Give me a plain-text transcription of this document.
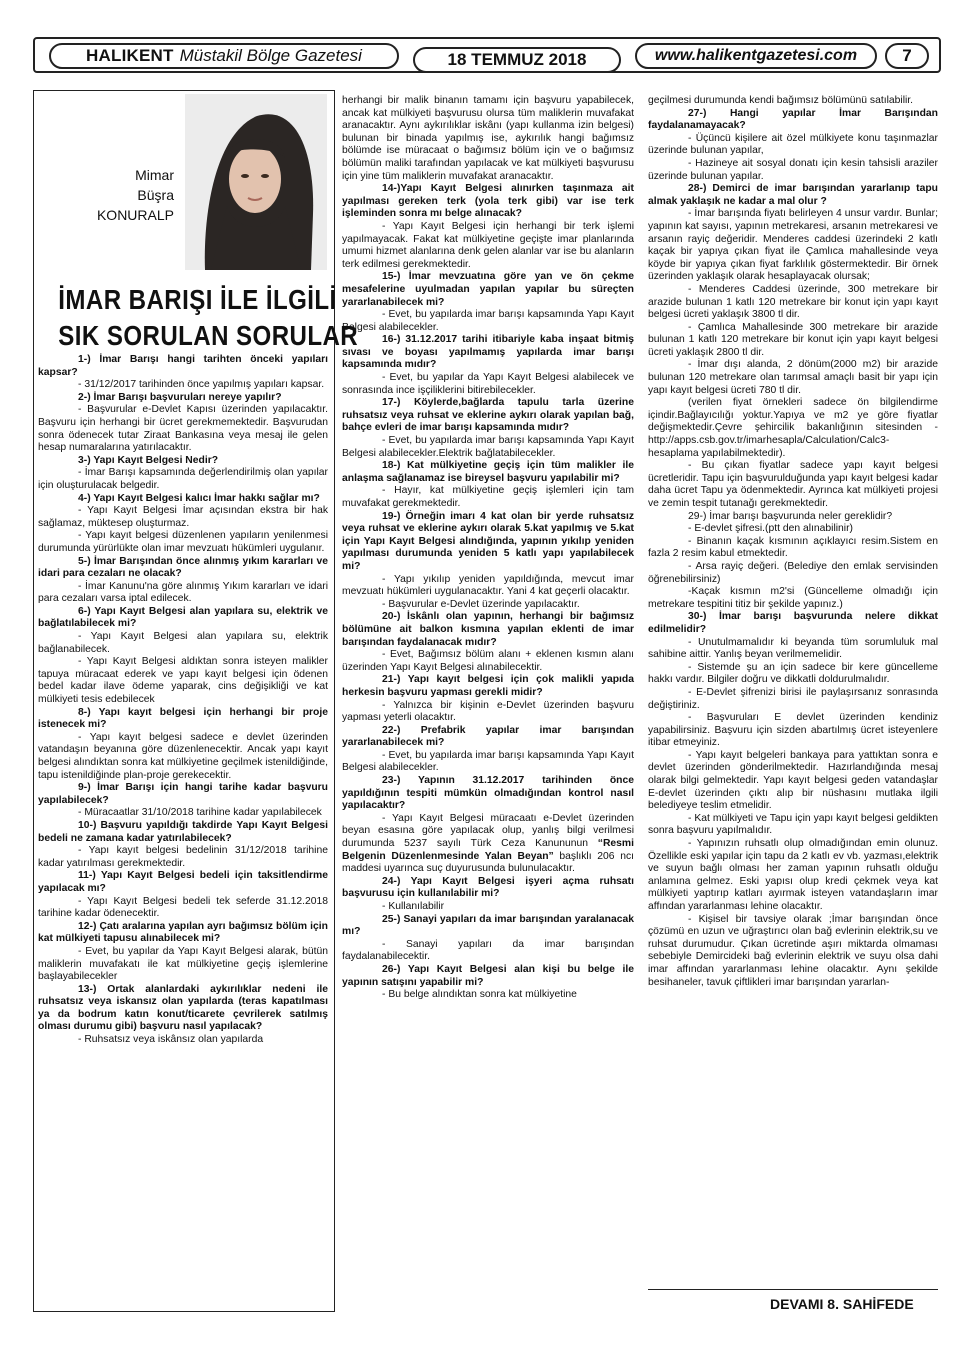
HALIKENT Müstakil Bölge Gazetesi	18 TEMMUZ 2018	www.halikentgazetesi.com	7
Mimar
Büşra
KONURALP
İMAR BARIŞI İLE İLGİLİ
SIK SORULAN SORULAR

1-) İmar Barışı hangi tarihten önceki yapıları kapsar?

- 31/12/2017 tarihinden önce yapılmış yapıları kapsar.

2-) İmar Barışı başvuruları nereye yapılır?

- Başvurular e-Devlet Kapısı üzerinden yapılacaktır. Başvuru için herhangi bir ücret gerekmemektedir. Başvurudan sonra ödenecek tutar Ziraat Bankasına veya mesaj ile gelen hesap numaralarına yatırılacaktır.

3-) Yapı Kayıt Belgesi Nedir?

- İmar Barışı kapsamında değerlendirilmiş olan yapılar için oluşturulacak belgedir.

4-) Yapı Kayıt Belgesi kalıcı İmar hakkı sağlar mı?

- Yapı Kayıt Belgesi İmar açısından ekstra bir hak sağlamaz, müktesep oluşturmaz.

- Yapı kayıt belgesi düzenlenen yapıların yenilenmesi durumunda yürürlükte olan imar mevzuatı hükümleri uygulanır.

5-) İmar Barışından önce alınmış yıkım kararları ve idari para cezaları ne olacak?

- İmar Kanunu'na göre alınmış Yıkım kararları ve idari para cezaları varsa iptal edilecek.

6-) Yapı Kayıt Belgesi alan yapılara su, elektrik ve bağlatılabilecek mi?

- Yapı Kayıt Belgesi alan yapılara su, elektrik bağlanabilecek.

- Yapı Kayıt Belgesi aldıktan sonra isteyen malikler tapuya müracaat ederek ve yapı kayıt belgesi için ödenen bedel kadar ilave ödeme yaparak, cins değişikliği ve kat mülkiyeti tesis edebilecek

8-) Yapı kayıt belgesi için herhangi bir proje istenecek mi?

- Yapı kayıt belgesi sadece e devlet üzerinden vatandaşın beyanına göre düzenlenecektir. Ancak yapı kayıt belgesi alındıktan sonra kat mülkiyetine geçilmek istenildiğinde, tapu istenildiğinde plan-proje gerekecektir.

9-) İmar Barışı için hangi tarihe kadar başvuru yapılabilecek?

- Müracaatlar 31/10/2018 tarihine kadar yapılabilecek

10-) Başvuru yapıldığı takdirde Yapı Kayıt Belgesi bedeli ne zamana kadar yatırılabilecek?

- Yapı kayıt belgesi bedelinin 31/12/2018 tarihine kadar yatırılması gerekmektedir.

11-) Yapı Kayıt Belgesi bedeli için taksitlendirme yapılacak mı?

- Yapı Kayıt Belgesi bedeli tek seferde 31.12.2018 tarihine kadar ödenecektir.

12-) Çatı aralarına yapılan ayrı bağımsız bölüm için kat mülkiyeti tapusu alınabilecek mi?

- Evet, bu yapılar da Yapı Kayıt Belgesi alarak, bütün maliklerin muvafakatı ile kat mülkiyetine geçiş işlemlerine başlayabilecekler

13-) Ortak alanlardaki aykırılıklar nedeni ile ruhsatsız veya iskansız olan yapılarda (teras kapatılması ya da bodrum katın konut/ticarete çevrilerek satılmış olması durumu gibi) başvuru nasıl yapılacak?

- Ruhsatsız veya iskânsız olan yapılarda

herhangi bir malik binanın tamamı için başvuru yapabilecek, ancak kat mülkiyeti başvurusu olursa tüm maliklerin muvafakat aranacaktır. Aynı aykırılıklar iskânı (yapı kullanma izin belgesi) bulunan bir binada yapılmış ise, aykırılık hangi bağımsız bölümde ise müracaat o bağımsız bölüm için ve o bağımsız bölümün maliki tarafından yapılacak ve kat mülkiyeti başvurusu için yine tüm maliklerin muvafakat aranacaktır.

14-)Yapı Kayıt Belgesi alınırken taşınmaza ait yapılması gereken terk (yola terk gibi) var ise terk işleminden sonra mı belge alınacak?

- Yapı Kayıt Belgesi için herhangi bir terk işlemi yapılmayacak. Fakat kat mülkiyetine geçişte imar planlarında umumi hizmet alanlarına denk gelen alanlar var ise bu alanların terk edilmesi gerekmektedir.

15-) İmar mevzuatına göre yan ve ön çekme mesafelerine uyulmadan yapılan yapılar bu süreçten yararlanabilecek mi?

- Evet, bu yapılarda imar barışı kapsamında Yapı Kayıt Belgesi alabilecekler.

16-) 31.12.2017 tarihi itibariyle kaba inşaat bitmiş sıvası ve boyası yapılmamış yapılarda imar barışı kapsamında mıdır?

- Evet, bu yapılar da Yapı Kayıt Belgesi alabilecek ve sonrasında ince işçiliklerini bitirebilecekler.

17-) Köylerde,bağlarda tapulu tarla üzerine ruhsatsız veya ruhsat ve eklerine aykırı olarak yapılan bağ, bahçe evleri de imar barışı kapsamında mıdır?

- Evet, bu yapılarda imar barışı kapsamında Yapı Kayıt Belgesi alabilecekler.Elektrik bağlatabilecekler.

18-) Kat mülkiyetine geçiş için tüm malikler ile anlaşma sağlanamaz ise bireysel başvuru yapılabilir mi?

- Hayır, kat mülkiyetine geçiş işlemleri için tam muvafakat gerekmektedir.

19-) Örneğin imarı 4 kat olan bir yerde ruhsatsız veya ruhsat ve eklerine aykırı olarak 5.kat yapılmış ve 5.kat için Yapı Kayıt Belgesi alındığında, yapının yıkılıp yeniden yapılması durumunda yeniden 5 katlı yapı yapılabilecek mi?

- Yapı yıkılıp yeniden yapıldığında, mevcut imar mevzuatı hükümleri uygulanacaktır. Yani 4 kat geçerli olacaktır.

- Başvurular e-Devlet üzerinde yapılacaktır.

20-) İskânlı olan yapının, herhangi bir bağımsız bölümüne ait balkon kısmına yapılan eklenti de imar barışından faydalanacak mıdır?

- Evet, Bağımsız bölüm alanı + eklenen kısmın alanı üzerinden Yapı Kayıt Belgesi alınabilecektir.

21-) Yapı kayıt belgesi için çok malikli yapıda herkesin başvuru yapması gerekli midir?

- Yalnızca bir kişinin e-Devlet üzerinden başvuru yapması yeterli olacaktır.

22-) Prefabrik yapılar imar barışından yararlanabilecek mi?

- Evet, bu yapılarda imar barışı kapsamında Yapı Kayıt Belgesi alabilecekler.

23-) Yapının 31.12.2017 tarihinden önce yapıldığının tespiti mümkün olmadığından kontrol nasıl yapılacaktır?

- Yapı Kayıt Belgesi müracaatı e-Devlet üzerinden beyan esasına göre yapılacak olup, yanlış bilgi verilmesi durumunda 5237 sayılı Türk Ceza Kanununun “Resmi Belgenin Düzenlenmesinde Yalan Beyan” başlıklı 206 ncı maddesi uyarınca suç duyurusunda bulunulacaktır.

24-) Yapı Kayıt Belgesi işyeri açma ruhsatı başvurusu için kullanılabilir mi?

- Kullanılabilir

25-) Sanayi yapıları da imar barışından yaralanacak mı?

- Sanayi yapıları da imar barışından faydalanabilecektir.

26-) Yapı Kayıt Belgesi alan kişi bu belge ile yapının satışını yapabilir mi?

- Bu belge alındıktan sonra kat mülkiyetine

geçilmesi durumunda kendi bağımsız bölümünü satılabilir.

27-) Hangi yapılar İmar Barışından faydalanamayacak?

- Üçüncü kişilere ait özel mülkiyete konu taşınmazlar üzerinde bulunan yapılar,

- Hazineye ait sosyal donatı için kesin tahsisli araziler üzerinde bulunan yapılar.

28-) Demirci de imar barışından yararlanıp tapu almak yaklaşık ne kadar a mal olur ?

- İmar barışında fiyatı belirleyen 4 unsur vardır. Bunlar; yapının kat sayısı, yapının metrekaresi, arsanın metrekaresi ve arsanın rayiç değeridir. Menderes caddesi üzerindeki 2 katlı kaçak bir yapıya çıkan fiyat ile Çamlıca mahallesinde veya köyde bir yapıya çıkan fiyat farklılık göstermektedir. Bir örnek üzerinden yaklaşık olarak hesaplayacak olursak;

- Menderes Caddesi üzerinde, 300 metrekare bir arazide bulunan 1 katlı 120 metrekare bir konut için yapı kayıt belgesi ücreti yaklaşık 3800 tl dir.

- Çamlıca Mahallesinde 300 metrekare bir arazide bulunan 1 katlı 120 metrekare bir konut için yapı kayıt belgesi ücreti yaklaşık 2800 tl dir.

- İmar dışı alanda, 2 dönüm(2000 m2) bir arazide bulunan 120 metrekare olan tarımsal amaçlı basit bir yapı için yapı kayıt belgesi ücreti 780 tl dir.

(verilen fiyat örnekleri sadece ön bilgilendirme içindir.Bağlayıcılığı yoktur.Yapıya ve m2 ye göre fiyatlar değişmektedir.Çevre şehircilik bakanlığının sitesinden - http://apps.csb.gov.tr/imarhesapla/Calculation/Calc3- hesaplama yapılabilmektedir).

- Bu çıkan fiyatlar sadece yapı kayıt belgesi ücretleridir. Tapu için başvurulduğunda yapı kayıt belgesi kadar daha ücret Tapu ya ödenmektedir. Ayrınca kat mülkiyeti projesi ve zemin tespit tutanağı gerekmektedir.

29-) İmar barışı başvurunda neler gereklidir?

- E-devlet şifresi.(ptt den alınabilinir)

- Binanın kaçak kısmının açıklayıcı resim.Sistem en fazla 2 resim kabul etmektedir.

- Arsa rayiç değeri. (Belediye den emlak servisinden öğrenebilirsiniz)

-Kaçak kısmın m2'si (Güncelleme olmadığı için metrekare tespitini titiz bir şekilde yapınız.)

30-) İmar barışı başvurunda nelere dikkat edilmelidir?

- Unutulmamalıdır ki beyanda tüm sorumluluk mal sahibine aittir. Yanlış beyan verilmemelidir.

- Sistemde şu an için sadece bir kere güncelleme hakkı vardır. Bilgiler doğru ve dikkatli doldurulmalıdır.

- E-Devlet şifrenizi birisi ile paylaşırsanız sonrasında değiştiriniz.

- Başvuruları E devlet üzerinden kendiniz yapabilirsiniz. Başvuru için sizden abartılmış ücret isteyenlere itibar etmeyiniz.

- Yapı kayıt belgeleri bankaya para yattıktan sonra e devlet üzerinden gönderilmektedir. Hazırlandığında mesaj olarak bilgi gelmektedir. Yapı kayıt belgesi geden vatandaşlar E-devlet üzerinden çıktı alıp bir nüshasını mutlaka ilgili belediyeye teslim etmelidir.

- Kat mülkiyeti ve Tapu için yapı kayıt belgesi geldikten sonra başvuru yapılmalıdır.

- Yapınızın ruhsatlı olup olmadığından emin olunuz. Özellikle eski yapılar için tapu da 2 katlı ev vb. yazması,elektrik ve suyun bağlı olması her zaman yapının ruhsatlı olduğu anlamına gelmez. Eski yapısı olup kredi çekmek veya kat mülkiyeti yaptırıp katları ayırmak isteyen vatandaşların imar affından yararlanması lehine olacaktır.

- Kişisel bir tavsiye olarak ;İmar barışından önce çözümü en uzun ve uğraştırıcı olan bağ evlerinin elektrik,su ve ruhsat durumudur. Çıkan ücretinde aşırı miktarda olmaması sebebiyle Demircideki bağ evlerinin elektrik ve suyu olsa dahi imar affından yararlanması lehine olacaktır. Aynı şekilde besihaneler, tavuk çiftlikleri imar barışından yararlan-

DEVAMI 8. SAHİFEDE
